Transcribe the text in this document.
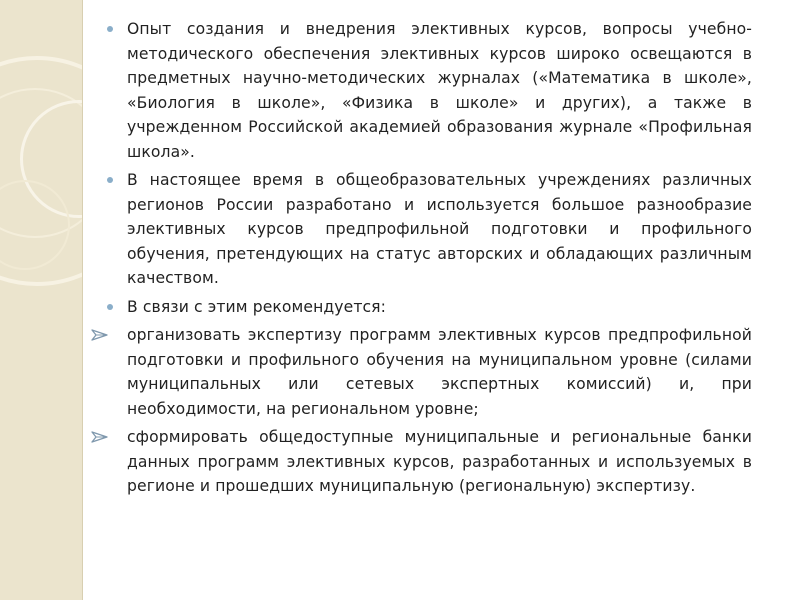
Опыт создания и внедрения элективных курсов, вопросы учебно-методического обеспечения элективных курсов широко освещаются в предметных научно-методических журналах («Математика в школе», «Биология в школе», «Физика в школе» и других), а также в учрежденном Российской академией образования журнале «Профильная школа».
В настоящее время в общеобразовательных учреждениях различных регионов России разработано и используется большое разнообразие элективных курсов предпрофильной подготовки и профильного обучения, претендующих на статус авторских и обладающих различным качеством.
В связи с этим рекомендуется:
организовать экспертизу программ элективных курсов предпрофильной подготовки и профильного обучения на муниципальном уровне (силами муниципальных или сетевых экспертных комиссий) и, при необходимости, на региональном уровне;
сформировать общедоступные муниципальные и региональные банки данных программ элективных курсов, разработанных и используемых в регионе и прошедших муниципальную (региональную) экспертизу.
